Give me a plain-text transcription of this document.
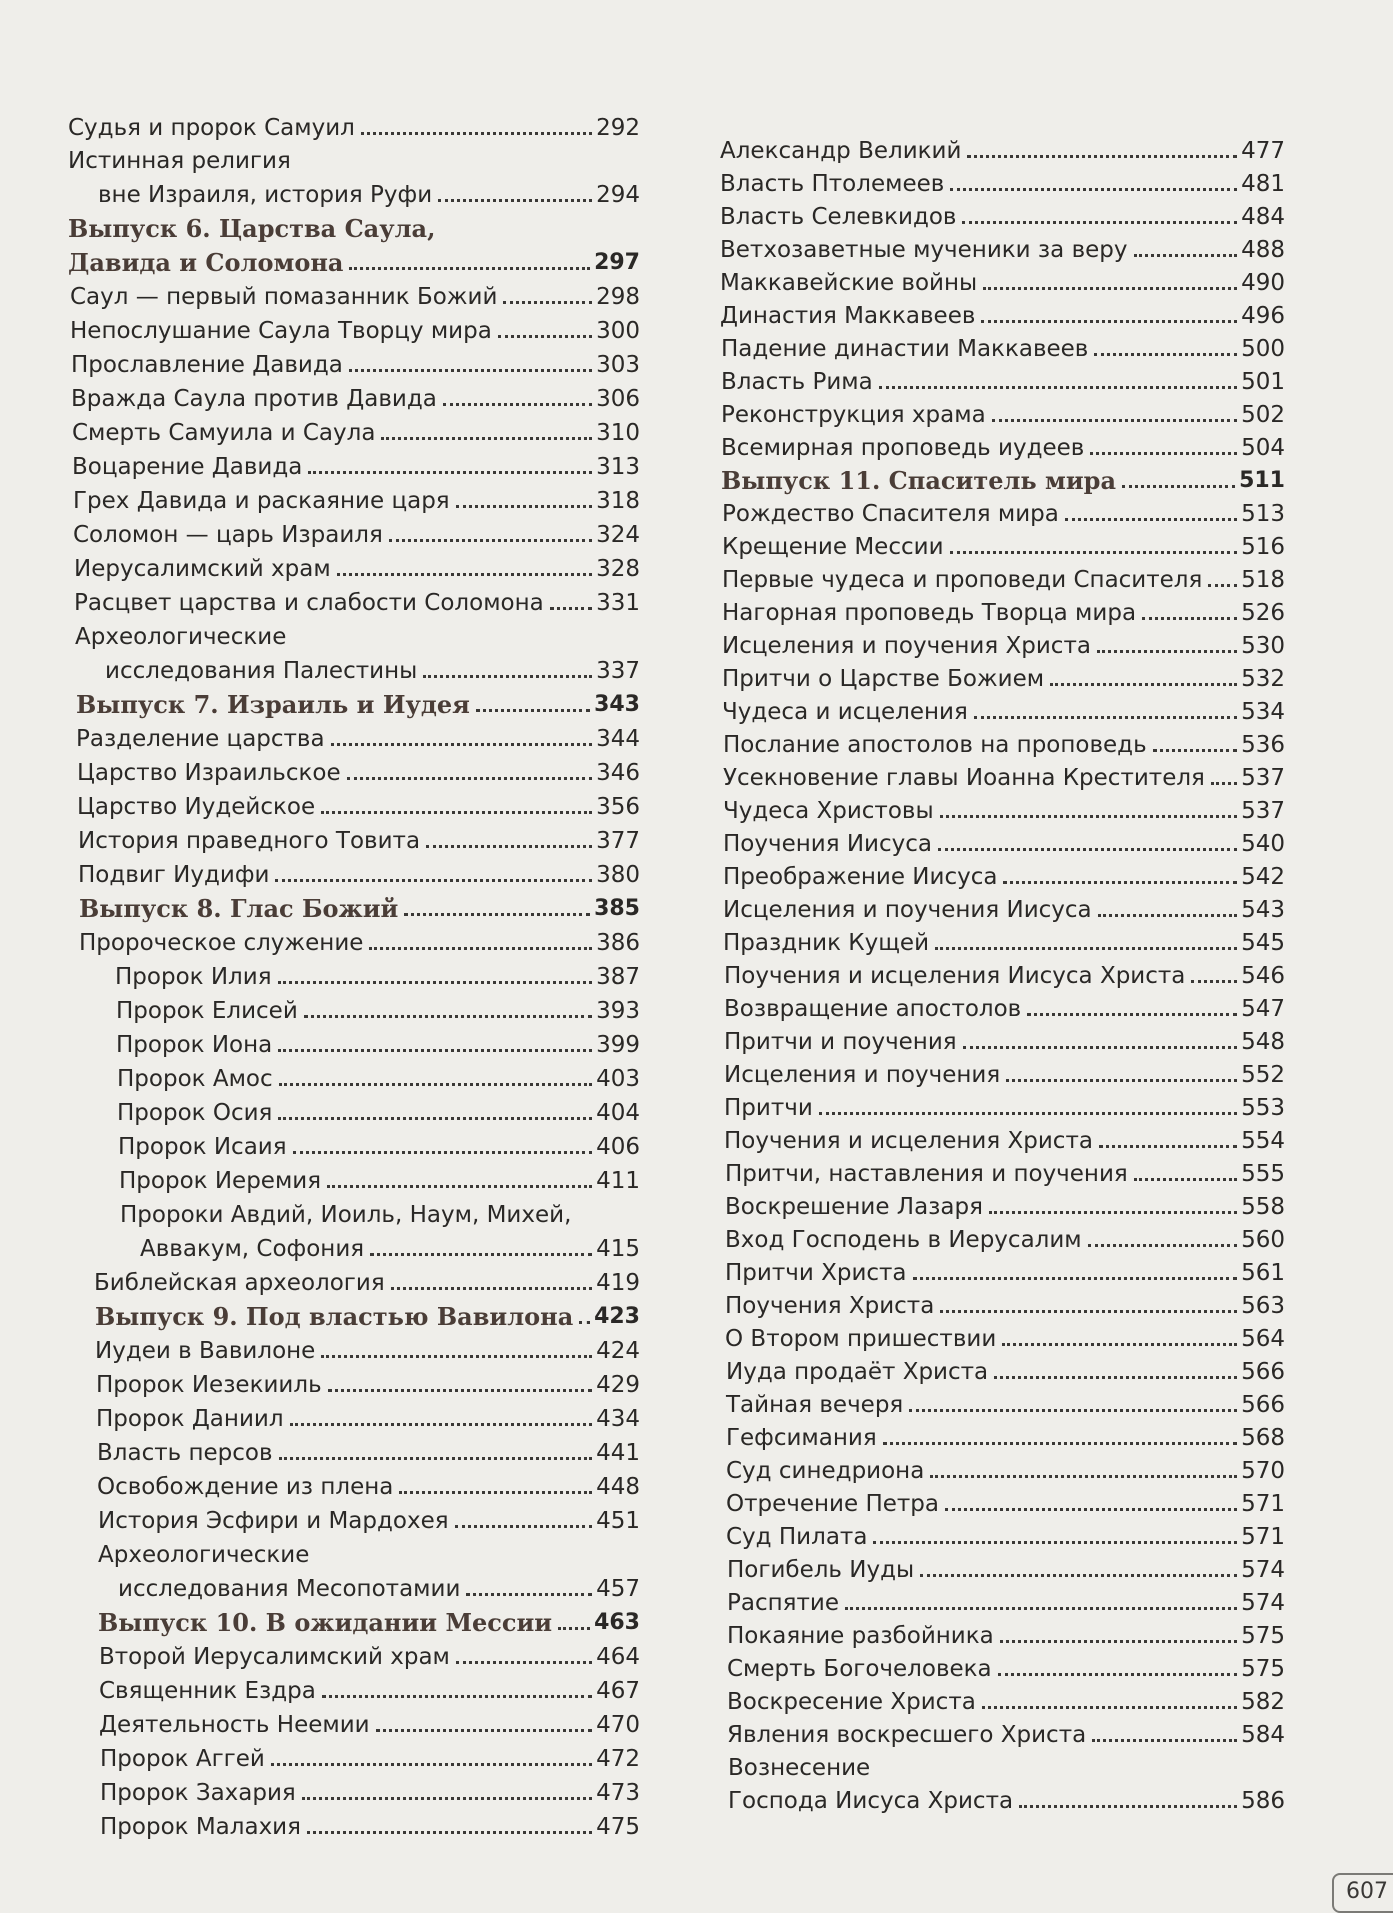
Судья и пророк Самуил	292
Истинная религия
вне Израиля, история Руфи	294
Выпуск 6. Царства Саула,
Давида и Соломона	297
Саул — первый помазанник Божий	298
Непослушание Саула Творцу мира	300
Прославление Давида	303
Вражда Саула против Давида	306
Смерть Самуила и Саула	310
Воцарение Давида	313
Грех Давида и раскаяние царя	318
Соломон — царь Израиля	324
Иерусалимский храм	328
Расцвет царства и слабости Соломона 331
Археологические
исследования Палестины	337
Выпуск 7. Израиль и Иудея	343
Разделение царства	344
Царство Израильское	346
Царство Иудейское	356
История праведного Товита	377
Подвиг Иудифи	380
Выпуск 8. Глас Божий	385
Пророческое служение	386
Пророк Илия	387
Пророк Елисей	393
Пророк Иона	399
Пророк Амос	403
Пророк Осия	404
Пророк Исаия	406
Пророк Иеремия	411
Пророки Авдий, Иоиль, Наум, Михей,
Аввакум, Софония	415
Библейская археология	419
Выпуск 9. Под властью Вавилона 423
Иудеи в Вавилоне	424
Пророк Иезекииль	429
Пророк Даниил	434
Власть персов	441
Освобождение из плена	448
История Эсфири и Мардохея	451
Археологические
исследования Месопотамии	457
Выпуск 10. В ожидании Мессии 463
Второй Иерусалимский храм	464
Священник Ездра	467
Деятельность Неемии	470
Пророк Аггей	472
Пророк Захария	473
Пророк Малахия	475
Александр Великий	477
Власть Птолемеев	481
Власть Селевкидов	484
Ветхозаветные мученики за веру	488
Маккавейские войны	490
Династия Маккавеев	496
Падение династии Маккавеев	500
Власть Рима	501
Реконструкция храма	502
Всемирная проповедь иудеев	504
Выпуск 11. Спаситель мира	511
Рождество Спасителя мира	513
Крещение Мессии	516
Первые чудеса и проповеди Спасителя 518
Нагорная проповедь Творца мира	526
Исцеления и поучения Христа	530
Притчи о Царстве Божием	532
Чудеса и исцеления	534
Послание апостолов на проповедь	536
Усекновение главы Иоанна Крестителя 537
Чудеса Христовы	537
Поучения Иисуса	540
Преображение Иисуса	542
Исцеления и поучения Иисуса	543
Праздник Кущей	545
Поучения и исцеления Иисуса Христа 546
Возвращение апостолов	547
Притчи и поучения	548
Исцеления и поучения	552
Притчи	553
Поучения и исцеления Христа	554
Притчи, наставления и поучения	555
Воскрешение Лазаря	558
Вход Господень в Иерусалим	560
Притчи Христа	561
Поучения Христа	563
О Втором пришествии	564
Иуда продаёт Христа	566
Тайная вечеря	566
Гефсимания	568
Суд синедриона	570
Отречение Петра	571
Суд Пилата	571
Погибель Иуды	574
Распятие	574
Покаяние разбойника	575
Смерть Богочеловека	575
Воскресение Христа	582
Явления воскресшего Христа	584
Вознесение
Господа Иисуса Христа	586
607
